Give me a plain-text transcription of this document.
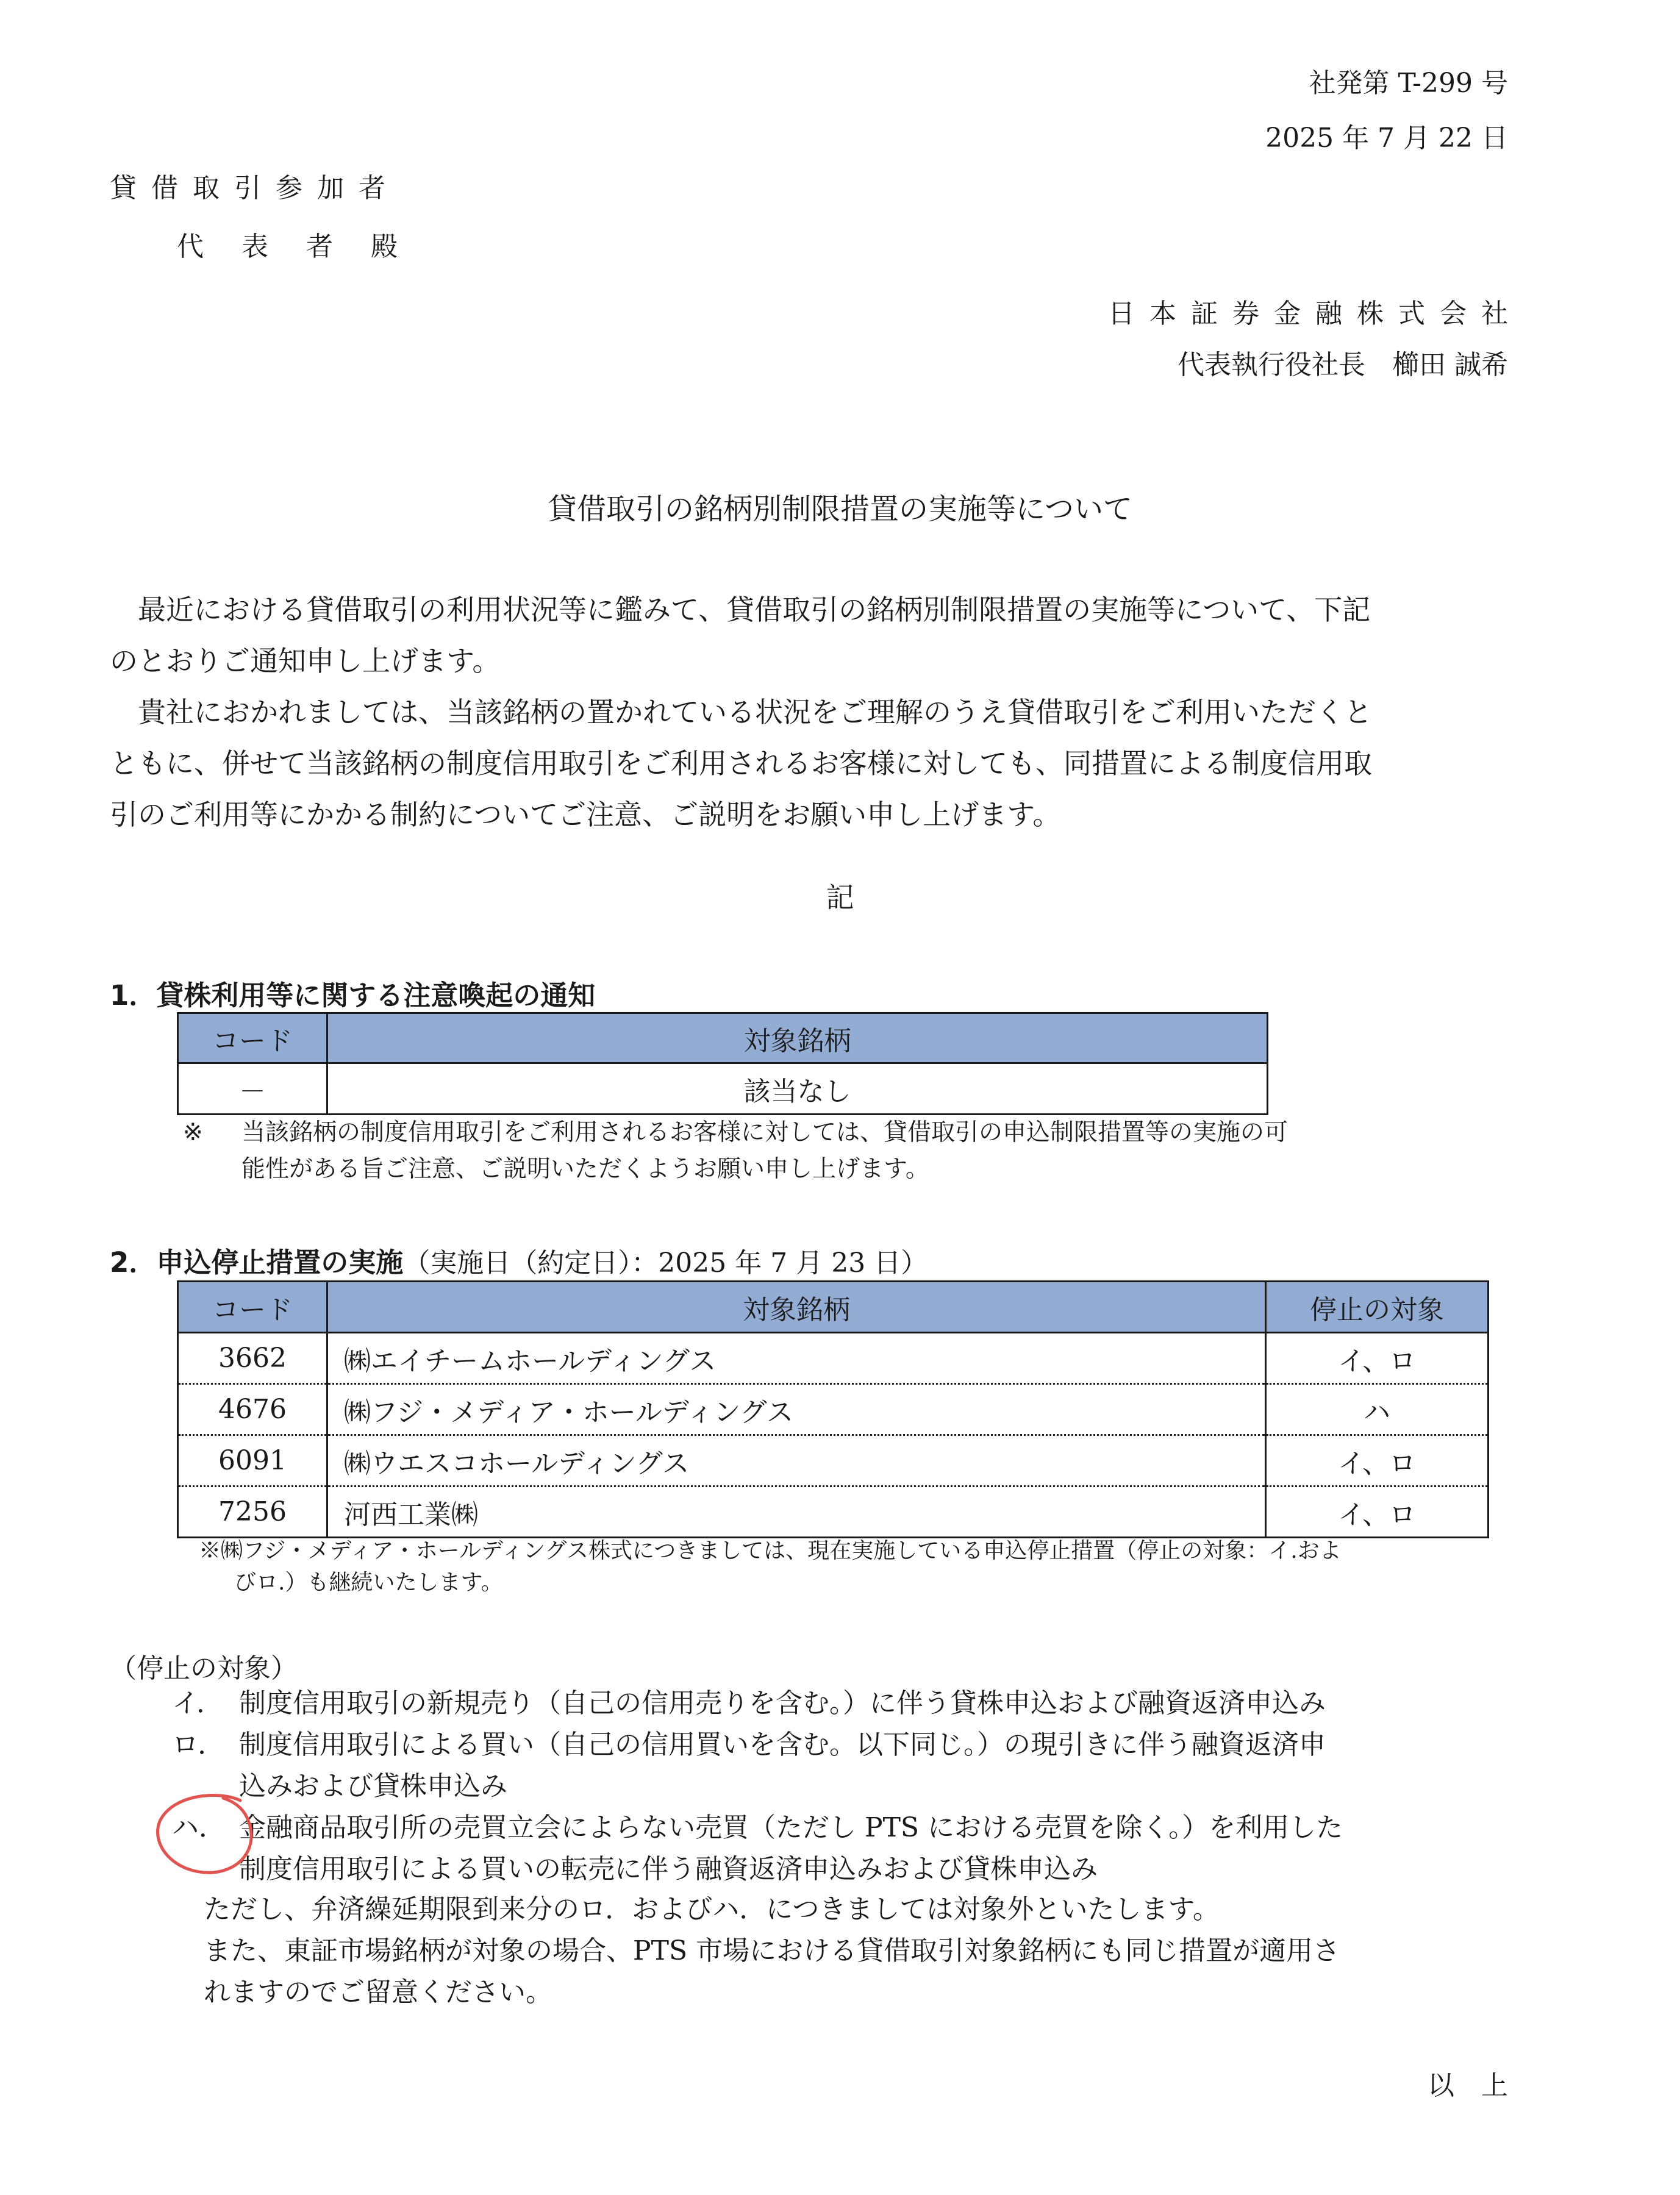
社発第 T-299 号
2025 年 7 月 22 日
貸借取引参加者
代表者殿
日本証券金融株式会社
代表執行役社長　櫛田 誠希
貸借取引の銘柄別制限措置の実施等について
最近における貸借取引の利用状況等に鑑みて、貸借取引の銘柄別制限措置の実施等について、下記
のとおりご通知申し上げます。
貴社におかれましては、当該銘柄の置かれている状況をご理解のうえ貸借取引をご利用いただくと
ともに、併せて当該銘柄の制度信用取引をご利用されるお客様に対しても、同措置による制度信用取
引のご利用等にかかる制約についてご注意、ご説明をお願い申し上げます。
記
1．貸株利用等に関する注意喚起の通知
コード	対象銘柄
－	該当なし
※ 当該銘柄の制度信用取引をご利用されるお客様に対しては、貸借取引の申込制限措置等の実施の可
能性がある旨ご注意、ご説明いただくようお願い申し上げます。
2．申込停止措置の実施（実施日（約定日）：2025 年 7 月 23 日）
コード	対象銘柄	停止の対象
3662	㈱エイチームホールディングス	イ、ロ
4676	㈱フジ・メディア・ホールディングス	ハ
6091	㈱ウエスコホールディングス	イ、ロ
7256	河西工業㈱	イ、ロ
※㈱フジ・メディア・ホールディングス株式につきましては、現在実施している申込停止措置（停止の対象：イ.およ
びロ.）も継続いたします。
（停止の対象）
イ． 制度信用取引の新規売り（自己の信用売りを含む。）に伴う貸株申込および融資返済申込み
ロ． 制度信用取引による買い（自己の信用買いを含む。以下同じ。）の現引きに伴う融資返済申
込みおよび貸株申込み
ハ． 金融商品取引所の売買立会によらない売買（ただし PTS における売買を除く。）を利用した
制度信用取引による買いの転売に伴う融資返済申込みおよび貸株申込み
ただし、弁済繰延期限到来分のロ．およびハ．につきましては対象外といたします。
また、東証市場銘柄が対象の場合、PTS 市場における貸借取引対象銘柄にも同じ措置が適用さ
れますのでご留意ください。
以　上
